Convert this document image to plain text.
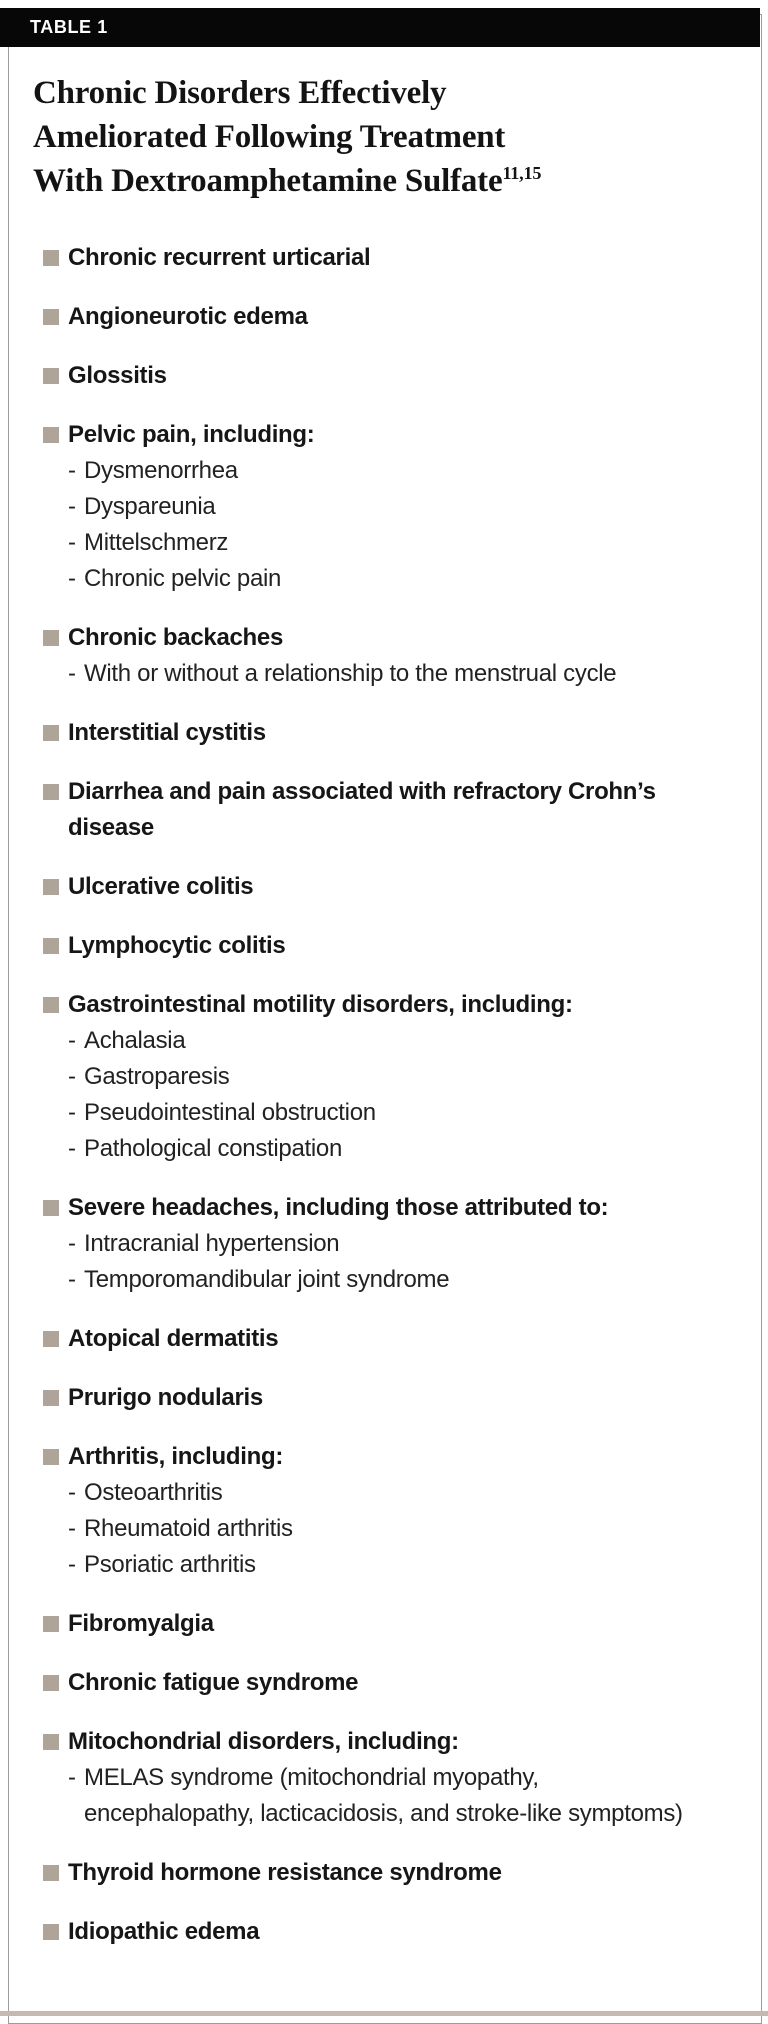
Chronic Disorders Effectively
Ameliorated Following Treatment
With Dextroamphetamine Sulfate$^{11,15}$
Chronic recurrent urticarial
Angioneurotic edema
Glossitis
Pelvic pain, including:
- Dysmenorrhea
- Dyspareunia
- Mittelschmerz
- Chronic pelvic pain
Chronic backaches
- With or without a relationship to the menstrual cycle
Interstitial cystitis
Diarrhea and pain associated with refractory Crohn’s disease
Ulcerative colitis
Lymphocytic colitis
Gastrointestinal motility disorders, including:
- Achalasia
- Gastroparesis
- Pseudointestinal obstruction
- Pathological constipation
Severe headaches, including those attributed to:
- Intracranial hypertension
- Temporomandibular joint syndrome
Atopical dermatitis
Prurigo nodularis
Arthritis, including:
- Osteoarthritis
- Rheumatoid arthritis
- Psoriatic arthritis
Fibromyalgia
Chronic fatigue syndrome
Mitochondrial disorders, including:
- MELAS syndrome (mitochondrial myopathy, encephalopathy, lacticacidosis, and stroke-like symptoms)
Thyroid hormone resistance syndrome
Idiopathic edema
TABLE 1
